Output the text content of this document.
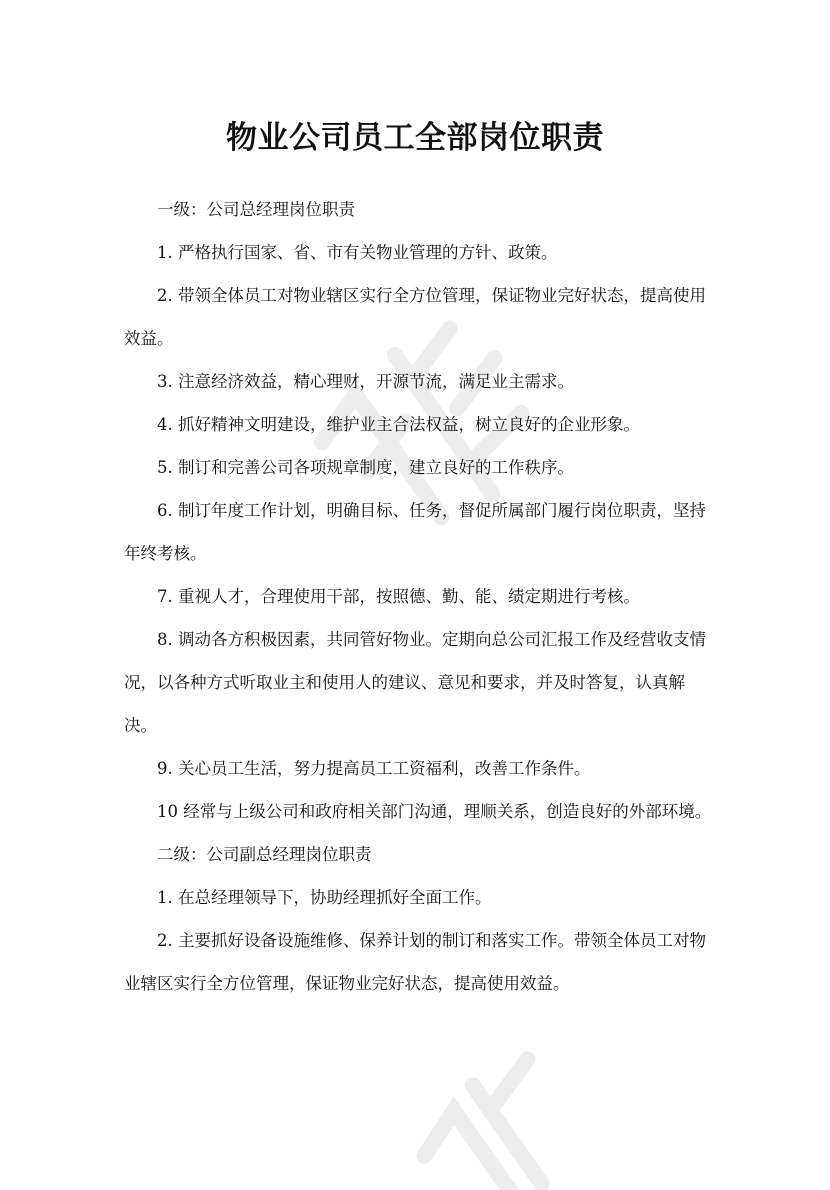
物业公司员工全部岗位职责

一级：公司总经理岗位职责

1. 严格执行国家、省、市有关物业管理的方针、政策。

2. 带领全体员工对物业辖区实行全方位管理，保证物业完好状态，提高使用效益。

3. 注意经济效益，精心理财，开源节流，满足业主需求。

4. 抓好精神文明建设，维护业主合法权益，树立良好的企业形象。

5. 制订和完善公司各项规章制度，建立良好的工作秩序。

6. 制订年度工作计划，明确目标、任务，督促所属部门履行岗位职责，坚持年终考核。

7. 重视人才，合理使用干部，按照德、勤、能、绩定期进行考核。

8. 调动各方积极因素，共同管好物业。定期向总公司汇报工作及经营收支情况，以各种方式听取业主和使用人的建议、意见和要求，并及时答复，认真解决。

9. 关心员工生活，努力提高员工工资福利，改善工作条件。

10 经常与上级公司和政府相关部门沟通，理顺关系，创造良好的外部环境。

二级：公司副总经理岗位职责

1. 在总经理领导下，协助经理抓好全面工作。

2. 主要抓好设备设施维修、保养计划的制订和落实工作。带领全体员工对物业辖区实行全方位管理，保证物业完好状态，提高使用效益。
